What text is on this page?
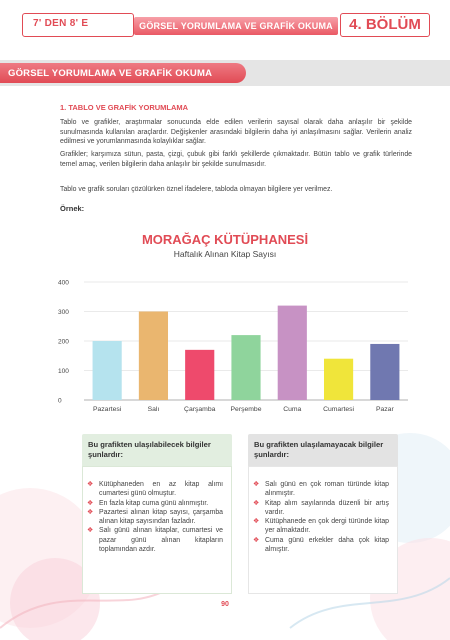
7' DEN 8' E	GÖRSEL YORUMLAMA VE GRAFİK OKUMA	4. BÖLÜM
GÖRSEL YORUMLAMA VE GRAFİK OKUMA
1. TABLO VE GRAFİK YORUMLAMA

Tablo ve grafikler, araştırmalar sonucunda elde edilen verilerin sayısal olarak daha anlaşılır bir şekilde sunulmasında kullanılan araçlardır. Değişkenler arasındaki bilgilerin daha iyi anlaşılmasını sağlar. Verilerin analiz edilmesi ve yorumlanmasında kolaylıklar sağlar.

Grafikler; karşımıza sütun, pasta, çizgi, çubuk gibi farklı şekillerde çıkmaktadır. Bütün tablo ve grafik türlerinde temel amaç, verilen bilgilerin daha anlaşılır bir şekilde sunulmasıdır.

Tablo ve grafik soruları çözülürken öznel ifadelere, tabloda olmayan bilgilere yer verilmez.

Örnek:
MORAĞAÇ KÜTÜPHANESİ
Haftalık Alınan Kitap Sayısı
0
100
200
300
400
Pazartesi	Salı	Çarşamba Perşembe	Cuma	Cumartesi	Pazar
Bu grafikten ulaşılabilecek bilgiler şunlardır:
❖ Kütüphaneden en az kitap alımı cumartesi günü olmuştur.
❖ En fazla kitap cuma günü alınmıştır.
❖ Pazartesi alınan kitap sayısı, çarşamba alınan kitap sayısından fazladır.
❖ Salı günü alınan kitaplar, cumartesi ve pazar günü alınan kitapların toplamından azdır.
Bu grafikten ulaşılamayacak bilgiler şunlardır:
❖ Salı günü en çok roman türünde kitap alınmıştır.
❖ Kitap alım sayılarında düzenli bir artış vardır.
❖ Kütüphanede en çok dergi türünde kitap yer almaktadır.
❖ Cuma günü erkekler daha çok kitap almıştır.
90
